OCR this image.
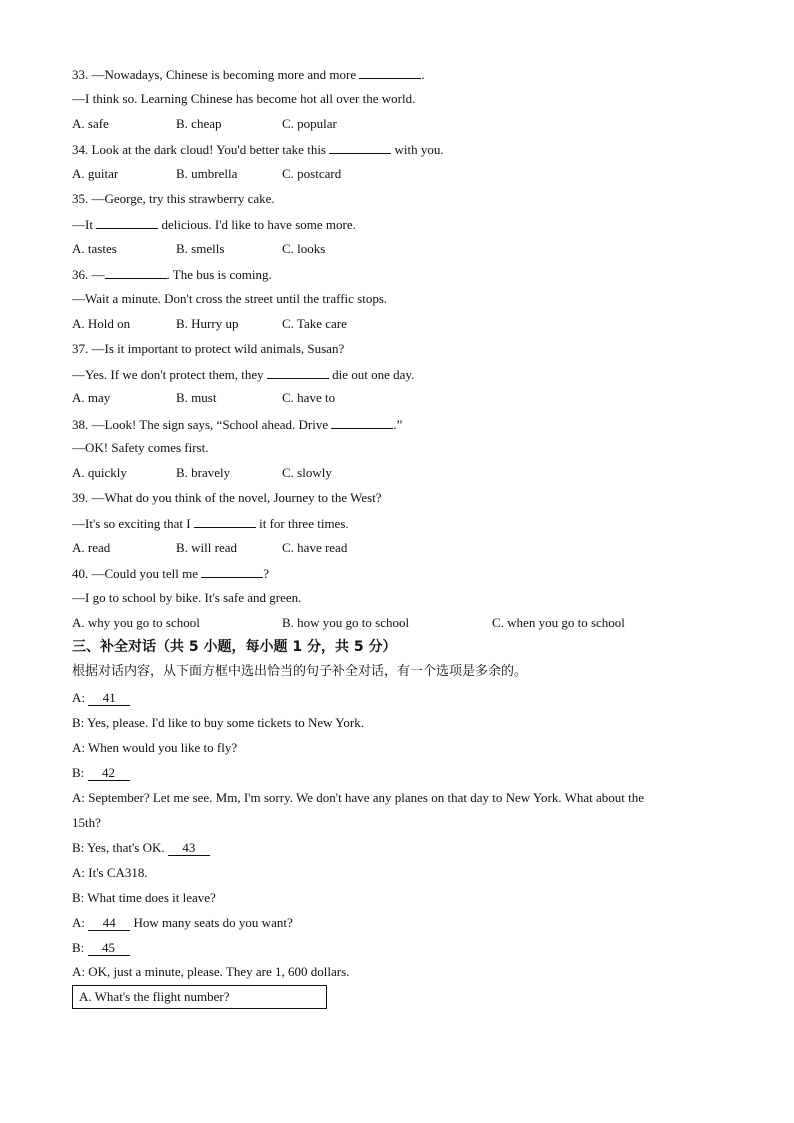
33. —Nowadays, Chinese is becoming more and more	.
—I think so. Learning Chinese has become hot all over the world.
A. safe	B. cheap	C. popular
34. Look at the dark cloud! You'd better take this	with you.
A. guitar	B. umbrella	C. postcard
35. —George, try this strawberry cake.
—It	delicious. I'd like to have some more.
A. tastes	B. smells	C. looks
36. —	. The bus is coming.
—Wait a minute. Don't cross the street until the traffic stops.
A. Hold on	B. Hurry up	C. Take care
37. —Is it important to protect wild animals, Susan?
—Yes. If we don't protect them, they	die out one day.
A. may	B. must	C. have to
38. —Look! The sign says, “School ahead. Drive	.”
—OK! Safety comes first.
A. quickly	B. bravely	C. slowly
39. —What do you think of the novel, Journey to the West?
—It's so exciting that I	it for three times.
A. read	B. will read	C. have read
40. —Could you tell me	?
—I go to school by bike. It's safe and green.
A. why you go to school	B. how you go to school	C. when you go to school
三、补全对话（共 5 小题，每小题 1 分，共 5 分）
根据对话内容，从下面方框中选出恰当的句子补全对话，有一个选项是多余的。
A: 41
B: Yes, please. I'd like to buy some tickets to New York.
A: When would you like to fly?
B: 42
A: September? Let me see. Mm, I'm sorry. We don't have any planes on that day to New York. What about the
15th?
B: Yes, that's OK. 43
A: It's CA318.
B: What time does it leave?
A: 44 How many seats do you want?
B: 45
A: OK, just a minute, please. They are 1, 600 dollars.
A. What's the flight number?
